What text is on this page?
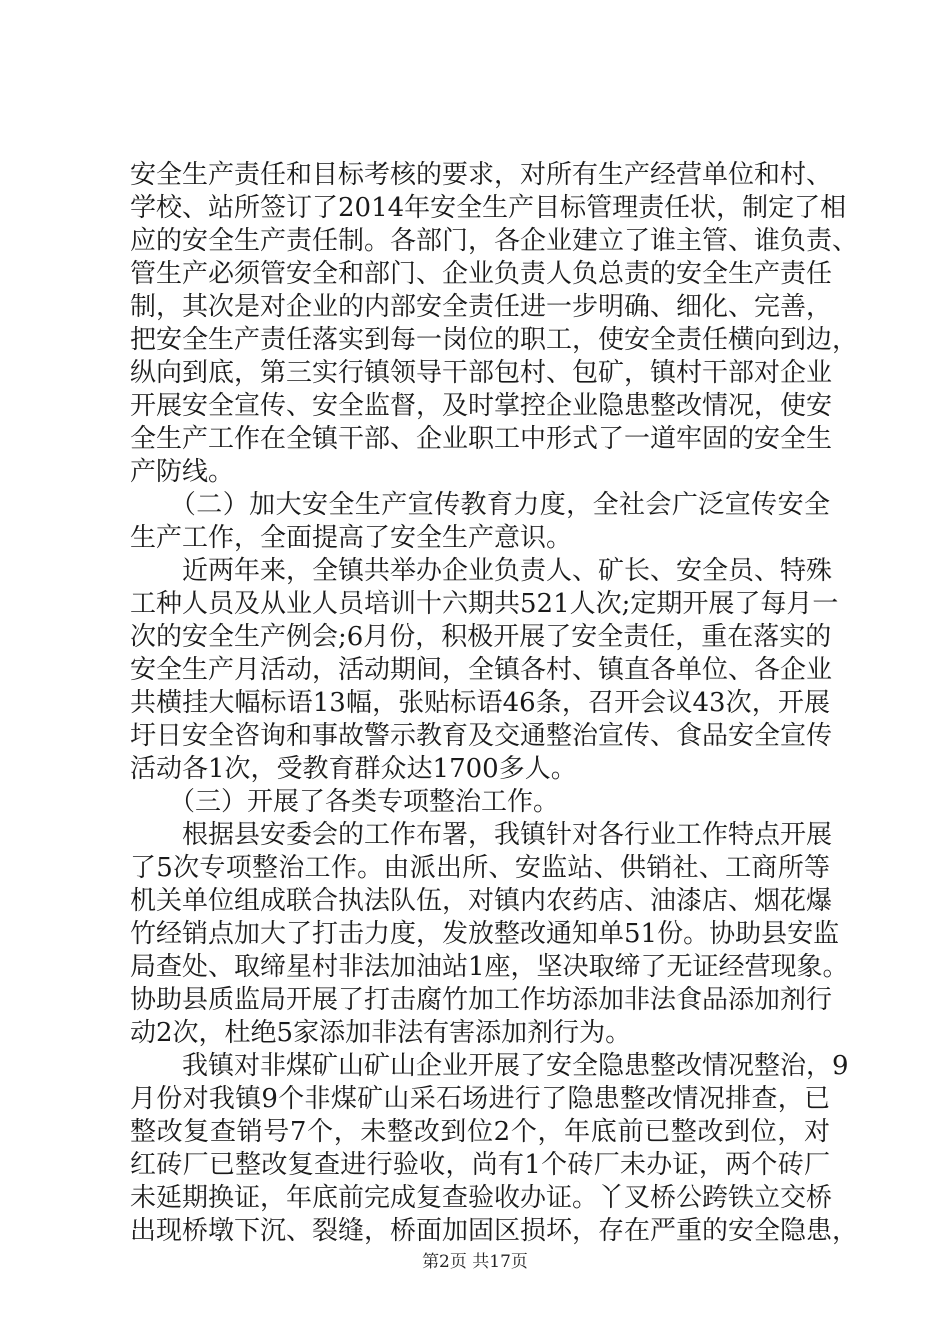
安全生产责任和目标考核的要求，对所有生产经营单位和村、
学校、站所签订了2014年安全生产目标管理责任状，制定了相
应的安全生产责任制。各部门，各企业建立了谁主管、谁负责、
管生产必须管安全和部门、企业负责人负总责的安全生产责任
制，其次是对企业的内部安全责任进一步明确、细化、完善，
把安全生产责任落实到每一岗位的职工，使安全责任横向到边，
纵向到底，第三实行镇领导干部包村、包矿，镇村干部对企业
开展安全宣传、安全监督，及时掌控企业隐患整改情况，使安
全生产工作在全镇干部、企业职工中形式了一道牢固的安全生
产防线。
　　（二）加大安全生产宣传教育力度，全社会广泛宣传安全
生产工作，全面提高了安全生产意识。
　　近两年来，全镇共举办企业负责人、矿长、安全员、特殊
工种人员及从业人员培训十六期共521人次;定期开展了每月一
次的安全生产例会;6月份，积极开展了安全责任，重在落实的
安全生产月活动，活动期间，全镇各村、镇直各单位、各企业
共横挂大幅标语13幅，张贴标语46条，召开会议43次，开展
圩日安全咨询和事故警示教育及交通整治宣传、食品安全宣传
活动各1次，受教育群众达1700多人。
　　（三）开展了各类专项整治工作。
　　根据县安委会的工作布署，我镇针对各行业工作特点开展
了5次专项整治工作。由派出所、安监站、供销社、工商所等
机关单位组成联合执法队伍，对镇内农药店、油漆店、烟花爆
竹经销点加大了打击力度，发放整改通知单51份。协助县安监
局查处、取缔星村非法加油站1座，坚决取缔了无证经营现象。
协助县质监局开展了打击腐竹加工作坊添加非法食品添加剂行
动2次，杜绝5家添加非法有害添加剂行为。
　　我镇对非煤矿山矿山企业开展了安全隐患整改情况整治，9
月份对我镇9个非煤矿山采石场进行了隐患整改情况排查，已
整改复查销号7个，未整改到位2个，年底前已整改到位，对
红砖厂已整改复查进行验收，尚有1个砖厂未办证，两个砖厂
未延期换证，年底前完成复查验收办证。丫叉桥公跨铁立交桥
出现桥墩下沉、裂缝，桥面加固区损坏，存在严重的安全隐患，
第2页 共17页
